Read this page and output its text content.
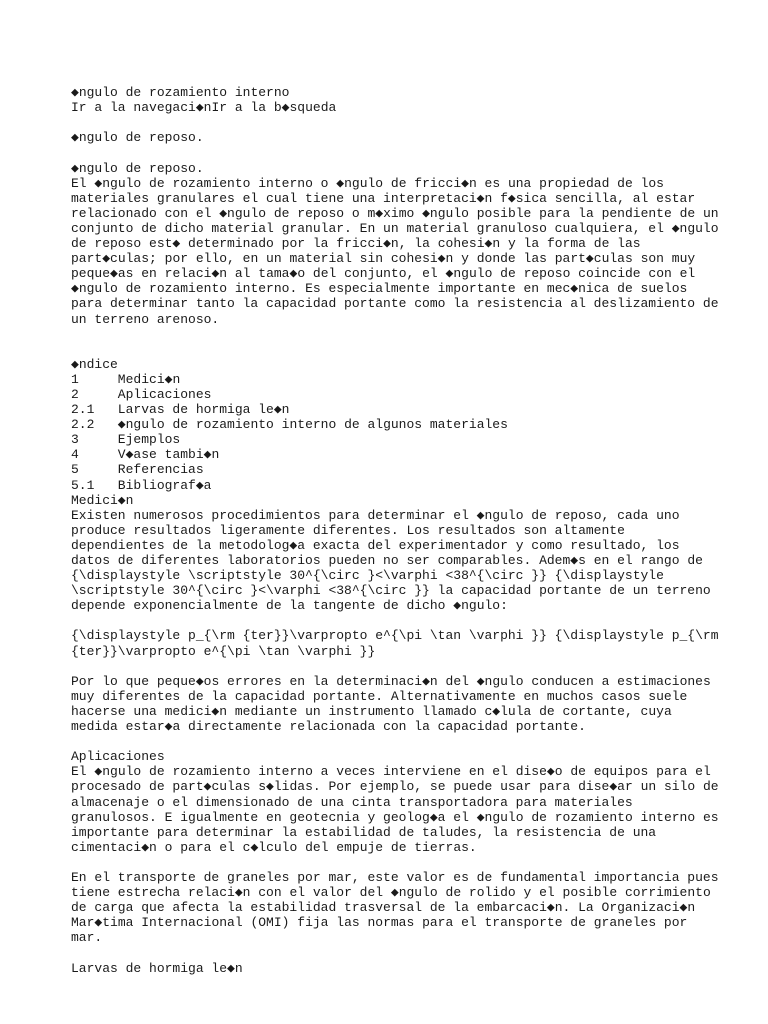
◆ngulo de rozamiento interno
Ir a la navegaci◆nIr a la b◆squeda
◆ngulo de reposo.
◆ngulo de reposo.
El ◆ngulo de rozamiento interno o ◆ngulo de fricci◆n es una propiedad de los
materiales granulares el cual tiene una interpretaci◆n f◆sica sencilla, al estar
relacionado con el ◆ngulo de reposo o m◆ximo ◆ngulo posible para la pendiente de un
conjunto de dicho material granular. En un material granuloso cualquiera, el ◆ngulo
de reposo est◆ determinado por la fricci◆n, la cohesi◆n y la forma de las
part◆culas; por ello, en un material sin cohesi◆n y donde las part◆culas son muy
peque◆as en relaci◆n al tama◆o del conjunto, el ◆ngulo de reposo coincide con el
◆ngulo de rozamiento interno. Es especialmente importante en mec◆nica de suelos
para determinar tanto la capacidad portante como la resistencia al deslizamiento de
un terreno arenoso.
◆ndice
1     Medici◆n
2     Aplicaciones
2.1   Larvas de hormiga le◆n
2.2   ◆ngulo de rozamiento interno de algunos materiales
3     Ejemplos
4     V◆ase tambi◆n
5     Referencias
5.1   Bibliograf◆a
Medici◆n
Existen numerosos procedimientos para determinar el ◆ngulo de reposo, cada uno
produce resultados ligeramente diferentes. Los resultados son altamente
dependientes de la metodolog◆a exacta del experimentador y como resultado, los
datos de diferentes laboratorios pueden no ser comparables. Adem◆s en el rango de
{\displaystyle \scriptstyle 30^{\circ }<\varphi <38^{\circ }} {\displaystyle
\scriptstyle 30^{\circ }<\varphi <38^{\circ }} la capacidad portante de un terreno
depende exponencialmente de la tangente de dicho ◆ngulo:
{\displaystyle p_{\rm {ter}}\varpropto e^{\pi \tan \varphi }} {\displaystyle p_{\rm
{ter}}\varpropto e^{\pi \tan \varphi }}
Por lo que peque◆os errores en la determinaci◆n del ◆ngulo conducen a estimaciones
muy diferentes de la capacidad portante. Alternativamente en muchos casos suele
hacerse una medici◆n mediante un instrumento llamado c◆lula de cortante, cuya
medida estar◆a directamente relacionada con la capacidad portante.
Aplicaciones
El ◆ngulo de rozamiento interno a veces interviene en el dise◆o de equipos para el
procesado de part◆culas s◆lidas. Por ejemplo, se puede usar para dise◆ar un silo de
almacenaje o el dimensionado de una cinta transportadora para materiales
granulosos. E igualmente en geotecnia y geolog◆a el ◆ngulo de rozamiento interno es
importante para determinar la estabilidad de taludes, la resistencia de una
cimentaci◆n o para el c◆lculo del empuje de tierras.
En el transporte de graneles por mar, este valor es de fundamental importancia pues
tiene estrecha relaci◆n con el valor del ◆ngulo de rolido y el posible corrimiento
de carga que afecta la estabilidad trasversal de la embarcaci◆n. La Organizaci◆n
Mar◆tima Internacional (OMI) fija las normas para el transporte de graneles por
mar.
Larvas de hormiga le◆n
